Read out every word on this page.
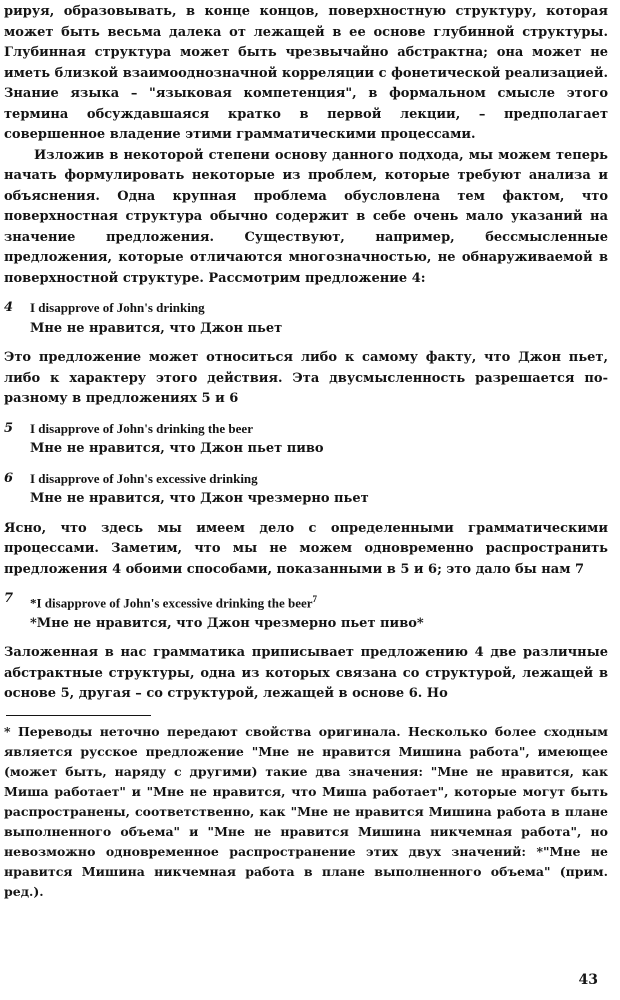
рируя, образовывать, в конце концов, поверхностную структуру, которая может быть весьма далека от лежащей в ее основе глубинной структуры. Глубинная структура может быть чрезвычайно абстрактна; она может не иметь близкой взаимооднозначной корреляции с фонетической реализацией. Знание языка – "языковая компетенция", в формальном смысле этого термина обсуждавшаяся кратко в первой лекции, – предполагает совершенное владение этими грамматическими процессами.

Изложив в некоторой степени основу данного подхода, мы можем теперь начать формулировать некоторые из проблем, которые требуют анализа и объяснения. Одна крупная проблема обусловлена тем фактом, что поверхностная структура обычно содержит в себе очень мало указаний на значение предложения. Существуют, например, бессмысленные предложения, которые отличаются многозначностью, не обнаруживаемой в поверхностной структуре. Рассмотрим предложение 4:

4	I disapprove of John's drinking
Мне не нравится, что Джон пьет

Это предложение может относиться либо к самому факту, что Джон пьет, либо к характеру этого действия. Эта двусмысленность разрешается по-разному в предложениях 5 и 6

5	I disapprove of John's drinking the beer
Мне не нравится, что Джон пьет пиво
6	I disapprove of John's excessive drinking
Мне не нравится, что Джон чрезмерно пьет

Ясно, что здесь мы имеем дело с определенными грамматическими процессами. Заметим, что мы не можем одновременно распространить предложения 4 обоими способами, показанными в 5 и 6; это дало бы нам 7

7	*I disapprove of John's excessive drinking the beer$^7$
*Мне не нравится, что Джон чрезмерно пьет пиво*

Заложенная в нас грамматика приписывает предложению 4 две различные абстрактные структуры, одна из которых связана со структурой, лежащей в основе 5, другая – со структурой, лежащей в основе 6. Но

* Переводы неточно передают свойства оригинала. Несколько более сходным является русское предложение "Мне не нравится Мишина работа", имеющее (может быть, наряду с другими) такие два значения: "Мне не нравится, как Миша работает" и "Мне не нравится, что Миша работает", которые могут быть распространены, соответственно, как "Мне не нравится Мишина работа в плане выполненного объема" и "Мне не нравится Мишина никчемная работа", но невозможно одновременное распространение этих двух значений: *"Мне не нравится Мишина никчемная работа в плане выполненного объема" (прим. ред.).

43
